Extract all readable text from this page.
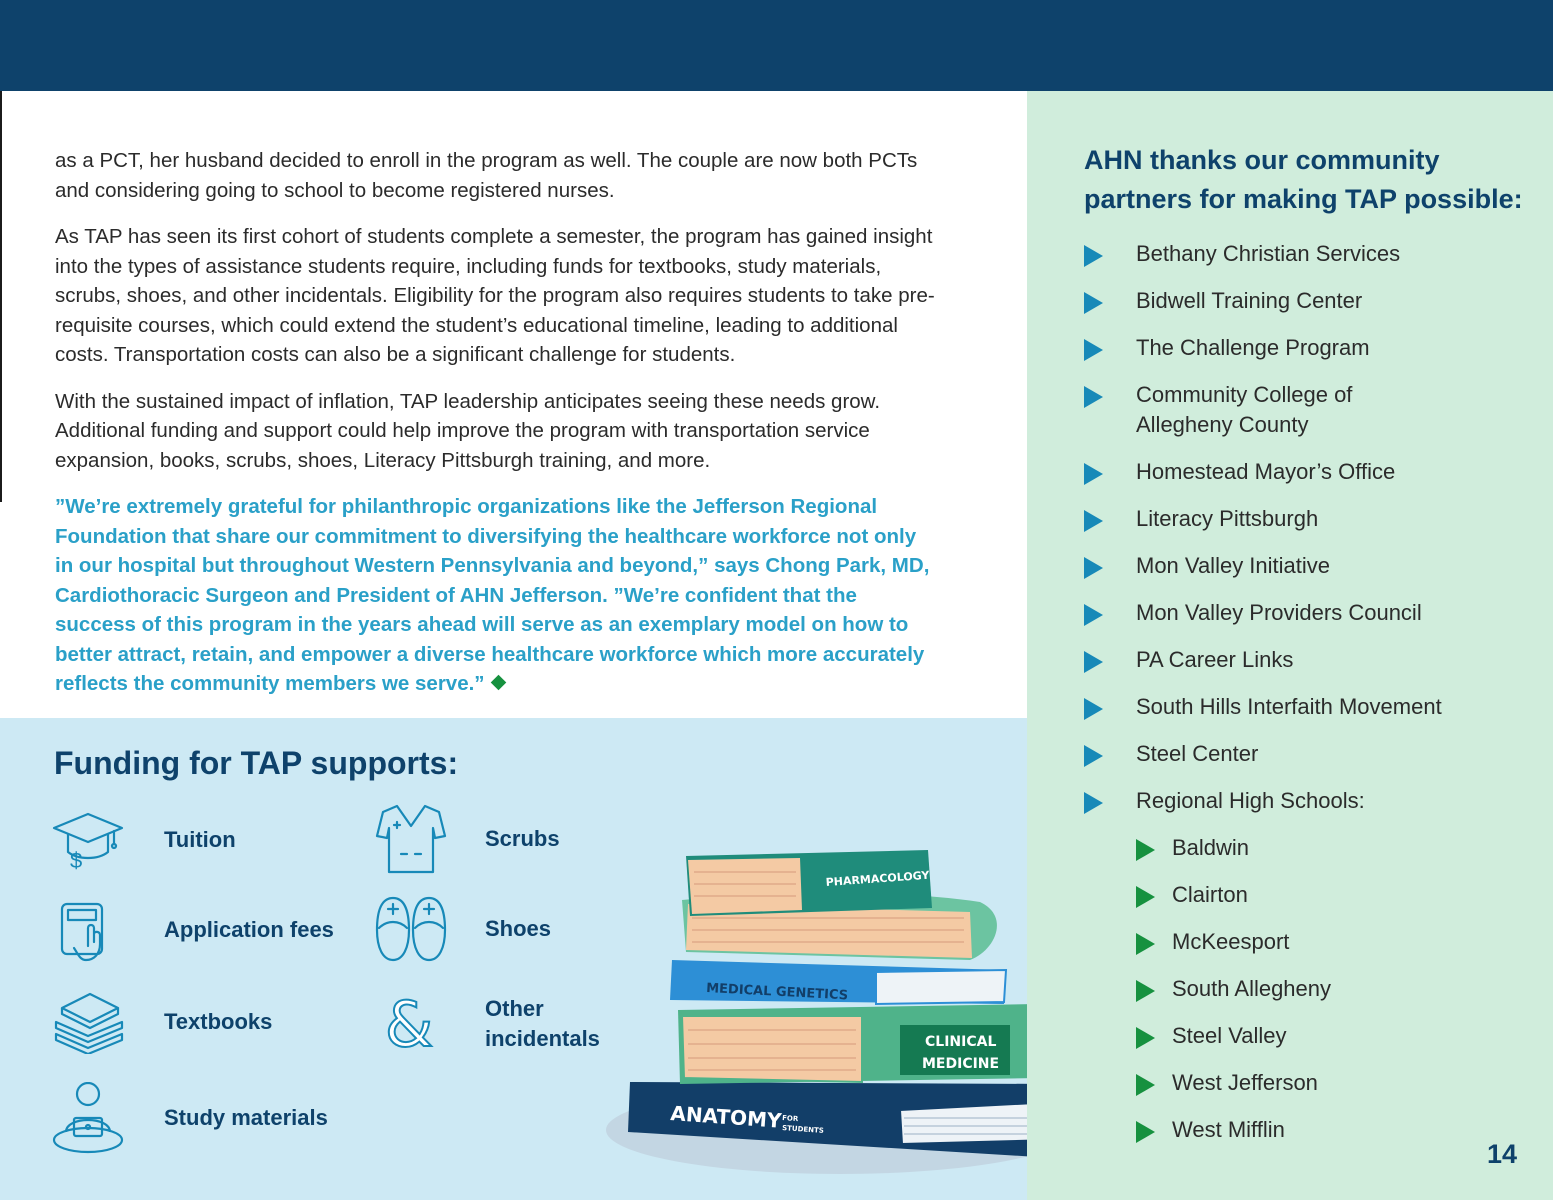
as a PCT, her husband decided to enroll in the program as well. The couple are now both PCTs and considering going to school to become registered nurses.

As TAP has seen its first cohort of students complete a semester, the program has gained insight into the types of assistance students require, including funds for textbooks, study materials, scrubs, shoes, and other incidentals. Eligibility for the program also requires students to take pre-requisite courses, which could extend the student’s educational timeline, leading to additional costs. Transportation costs can also be a significant challenge for students.

With the sustained impact of inflation, TAP leadership anticipates seeing these needs grow. Additional funding and support could help improve the program with transportation service expansion, books, scrubs, shoes, Literacy Pittsburgh training, and more.

”We’re extremely grateful for philanthropic organizations like the Jefferson Regional Foundation that share our commitment to diversifying the healthcare workforce not only in our hospital but throughout Western Pennsylvania and beyond,” says Chong Park, MD, Cardiothoracic Surgeon and President of AHN Jefferson. ”We’re confident that the success of this program in the years ahead will serve as an exemplary model on how to better attract, retain, and empower a diverse healthcare workforce which more accurately reflects the community members we serve.”

Funding for TAP supports:
$
Tuition
Application fees
Textbooks
Study materials
Scrubs
Shoes
& Other incidentals
ANATOMY FOR
STUDENTS
CLINICAL
MEDICINE
MEDICAL GENETICS
PHARMACOLOGY
AHN thanks our community partners for making TAP possible:
Bethany Christian Services
Bidwell Training Center
The Challenge Program
Community College of Allegheny County
Homestead Mayor’s Office
Literacy Pittsburgh
Mon Valley Initiative
Mon Valley Providers Council
PA Career Links
South Hills Interfaith Movement
Steel Center
Regional High Schools:
Baldwin
Clairton
McKeesport
South Allegheny
Steel Valley
West Jefferson
West Mifflin
14
